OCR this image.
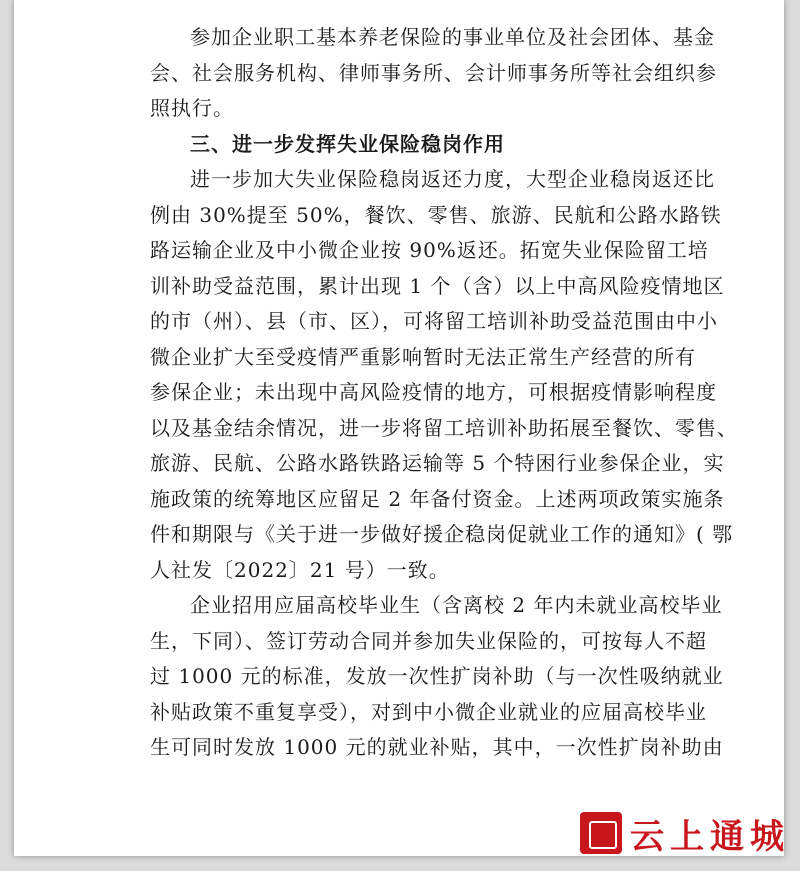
参加企业职工基本养老保险的事业单位及社会团体、基金
会、社会服务机构、律师事务所、会计师事务所等社会组织参
照执行。
三、进一步发挥失业保险稳岗作用
进一步加大失业保险稳岗返还力度，大型企业稳岗返还比
例由 30%提至 50%，餐饮、零售、旅游、民航和公路水路铁
路运输企业及中小微企业按 90%返还。拓宽失业保险留工培
训补助受益范围，累计出现 1 个（含）以上中高风险疫情地区
的市（州）、县（市、区），可将留工培训补助受益范围由中小
微企业扩大至受疫情严重影响暂时无法正常生产经营的所有
参保企业；未出现中高风险疫情的地方，可根据疫情影响程度
以及基金结余情况，进一步将留工培训补助拓展至餐饮、零售、
旅游、民航、公路水路铁路运输等 5 个特困行业参保企业，实
施政策的统筹地区应留足 2 年备付资金。上述两项政策实施条
件和期限与《关于进一步做好援企稳岗促就业工作的通知》( 鄂
人社发〔2022〕21 号）一致。
企业招用应届高校毕业生（含离校 2 年内未就业高校毕业
生，下同）、签订劳动合同并参加失业保险的，可按每人不超
过 1000 元的标准，发放一次性扩岗补助（与一次性吸纳就业
补贴政策不重复享受），对到中小微企业就业的应届高校毕业
生可同时发放 1000 元的就业补贴，其中，一次性扩岗补助由
云上通城
